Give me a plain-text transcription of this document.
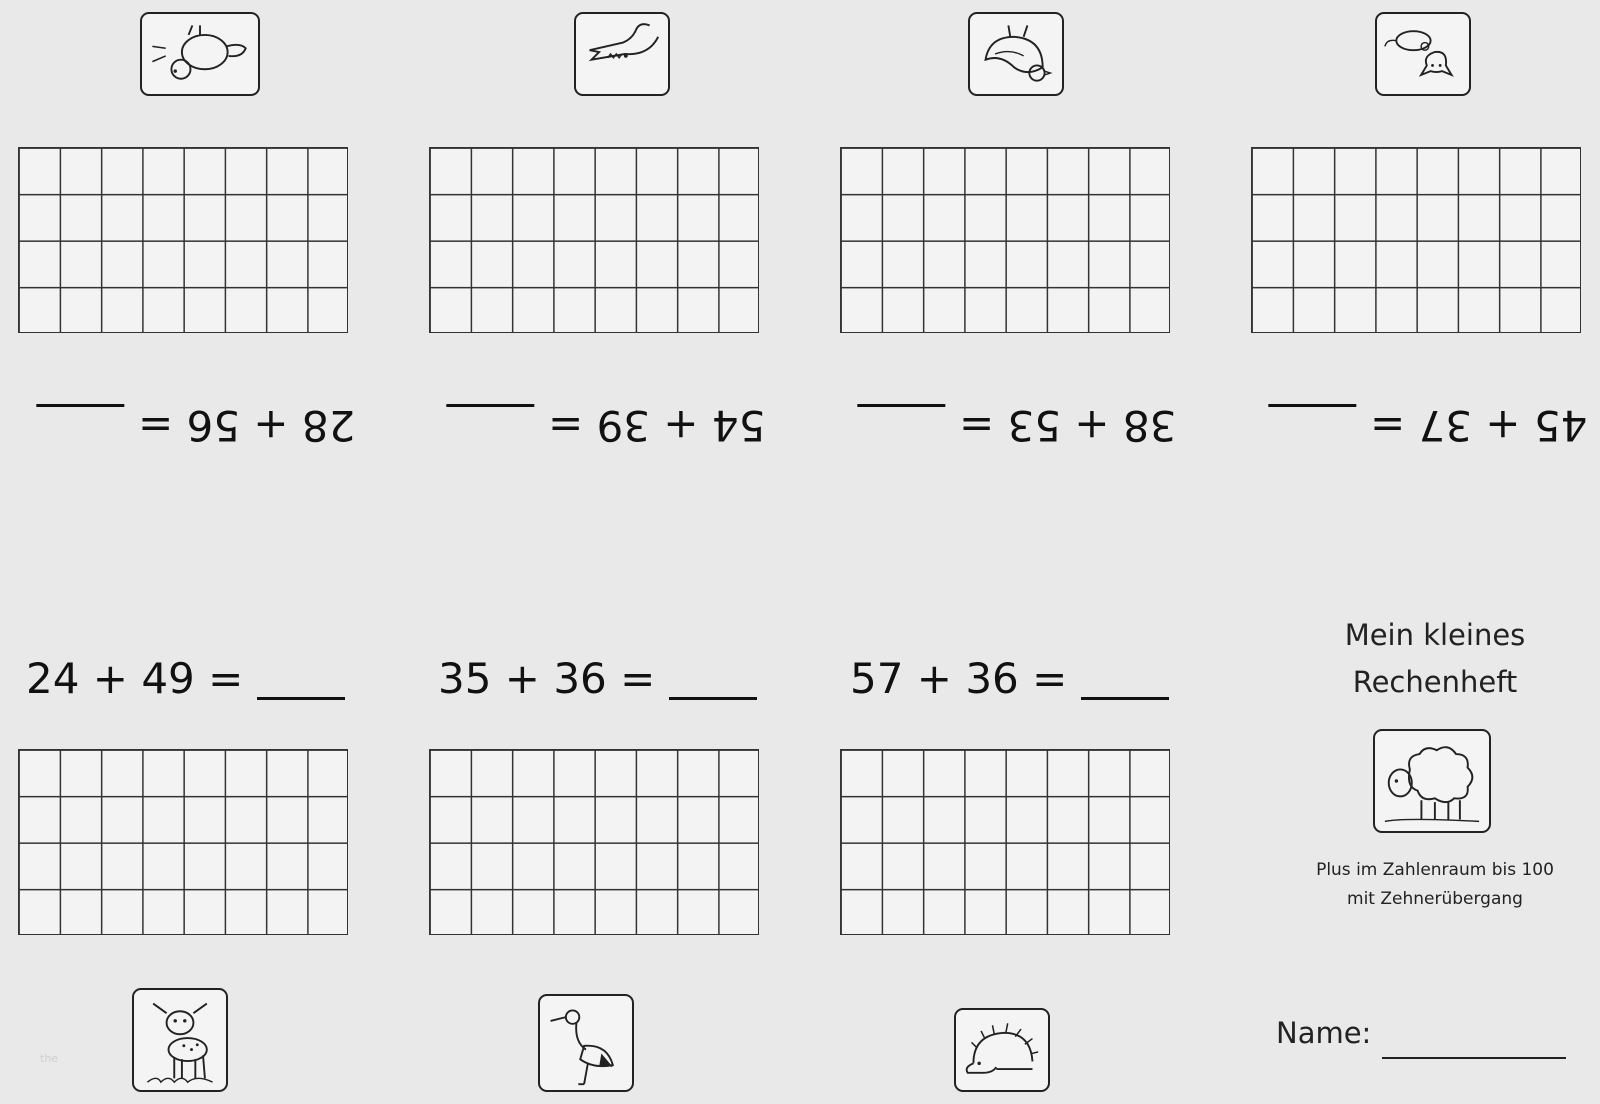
28 + 56 =	54 + 39 =	38 + 53 =	45 + 37 =
24 + 49 =	35 + 36 =	57 + 36 =
Mein kleines
Rechenheft
Plus im Zahlenraum bis 100
mit Zehnerübergang
Name:
the
